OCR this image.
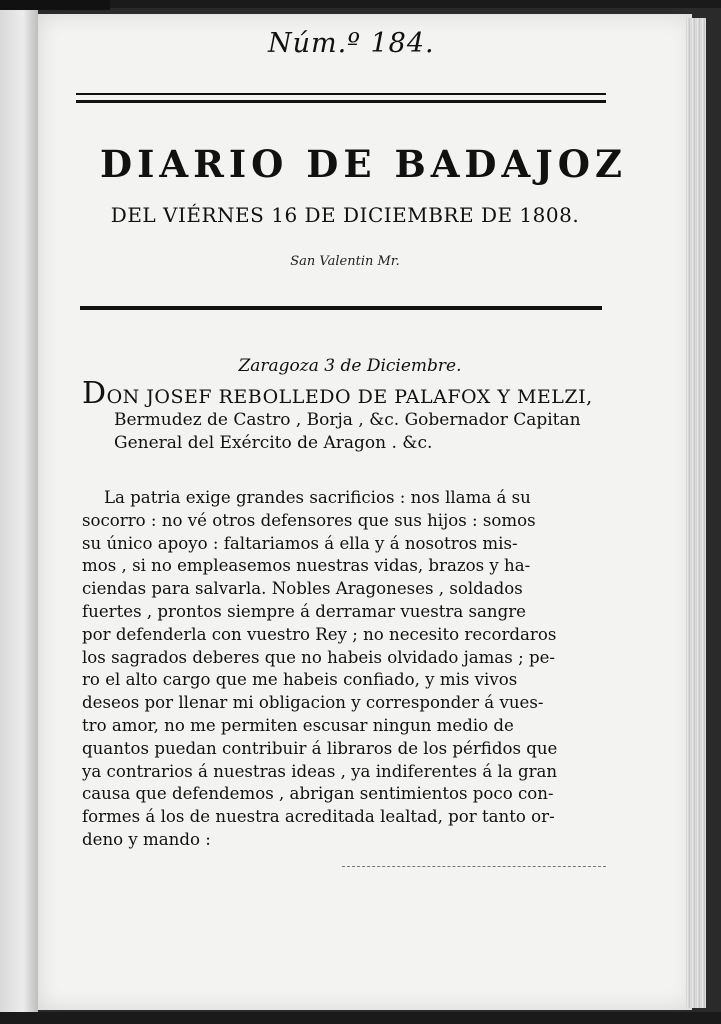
Núm.º 184.
DIARIO DE BADAJOZ
DEL VIÉRNES 16 DE DICIEMBRE DE 1808.
San Valentin Mr.
Zaragoza 3 de Diciembre.
DON JOSEF REBOLLEDO DE PALAFOX Y MELZI,
Bermudez de Castro , Borja , &c. Gobernador Capitan
General del Exército de Aragon . &c.

La patria exige grandes sacrificios : nos llama á su

socorro : no vé otros defensores que sus hijos : somos

su único apoyo : faltariamos á ella y á nosotros mis-

mos , si no empleasemos nuestras vidas, brazos y ha-

ciendas para salvarla. Nobles Aragoneses , soldados

fuertes , prontos siempre á derramar vuestra sangre

por defenderla con vuestro Rey ; no necesito recordaros

los sagrados deberes que no habeis olvidado jamas ; pe-

ro el alto cargo que me habeis confiado, y mis vivos

deseos por llenar mi obligacion y corresponder á vues-

tro amor, no me permiten escusar ningun medio de

quantos puedan contribuir á libraros de los pérfidos que

ya contrarios á nuestras ideas , ya indiferentes á la gran

causa que defendemos , abrigan sentimientos poco con-

formes á los de nuestra acreditada lealtad, por tanto or-

deno y mando :
